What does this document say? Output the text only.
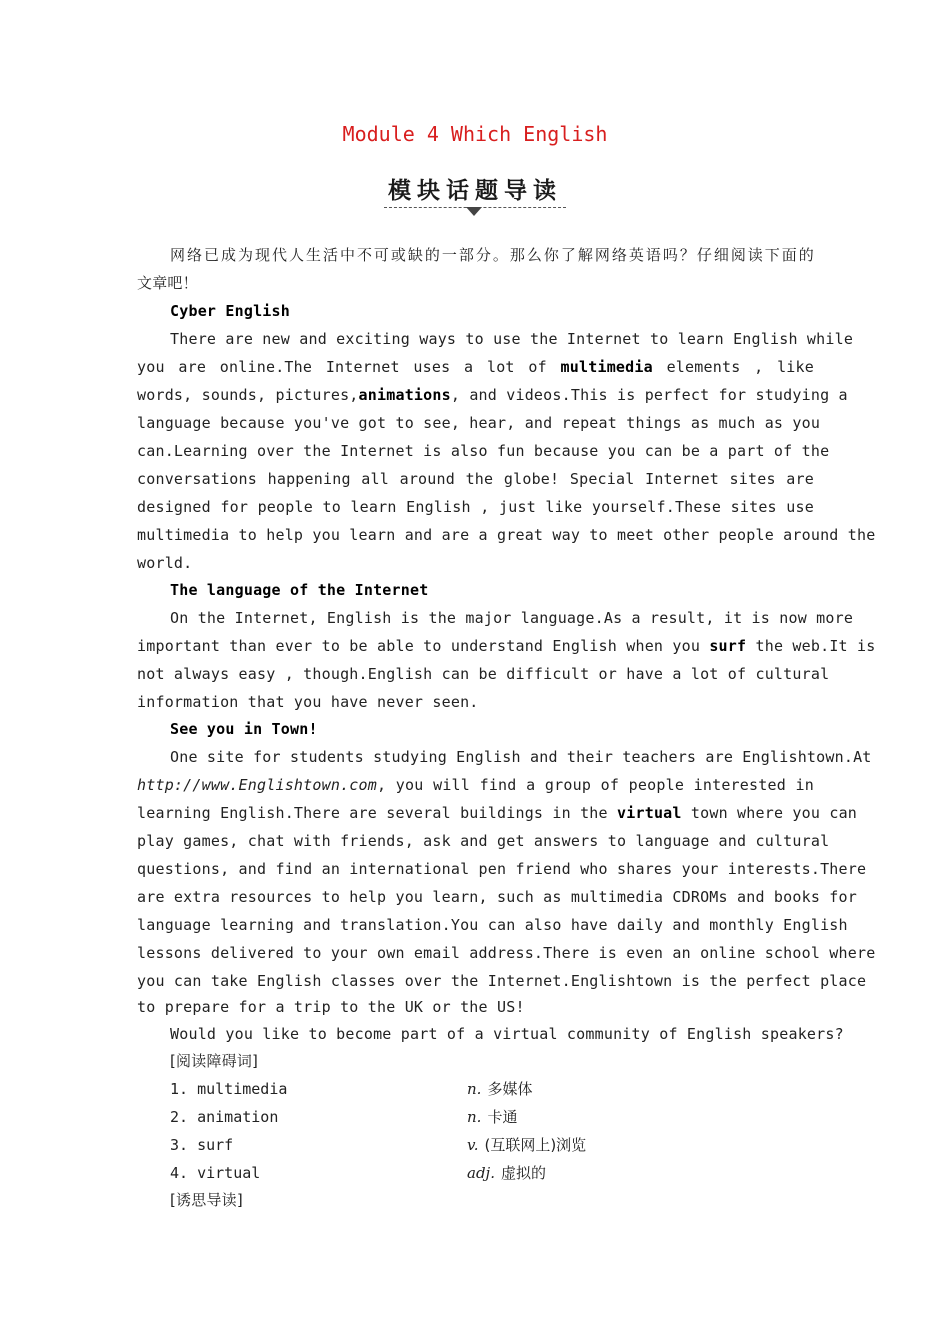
Module 4 Which English
模块话题导读
网络已成为现代人生活中不可或缺的一部分。那么你了解网络英语吗？仔细阅读下面的
文章吧！
Cyber English
There are new and exciting ways to use the Internet to learn English while
you are online.The Internet uses a lot of multimedia elements , like
words, sounds, pictures,animations, and videos.This is perfect for studying a
language because you've got to see, hear, and repeat things as much as you
can.Learning over the Internet is also fun because you can be a part of the
conversations happening all around the globe! Special Internet sites are
designed for people to learn English , just like yourself.These sites use
multimedia to help you learn and are a great way to meet other people around the
world.
The language of the Internet
On the Internet, English is the major language.As a result, it is now more
important than ever to be able to understand English when you surf the web.It is
not always easy , though.English can be difficult or have a lot of cultural
information that you have never seen.
See you in Town!
One site for students studying English and their teachers are Englishtown.At
http://www.Englishtown.com, you will find a group of people interested in
learning English.There are several buildings in the virtual town where you can
play games, chat with friends, ask and get answers to language and cultural
questions, and find an international pen friend who shares your interests.There
are extra resources to help you learn, such as multimedia CDROMs and books for
language learning and translation.You can also have daily and monthly English
lessons delivered to your own email address.There is even an online school where
you can take English classes over the Internet.Englishtown is the perfect place
to prepare for a trip to the UK or the US!
Would you like to become part of a virtual community of English speakers?
[阅读障碍词]
1. multimedia	n. 多媒体
2. animation	n. 卡通
3. surf	v. (互联网上)浏览
4. virtual	adj. 虚拟的
[诱思导读]
